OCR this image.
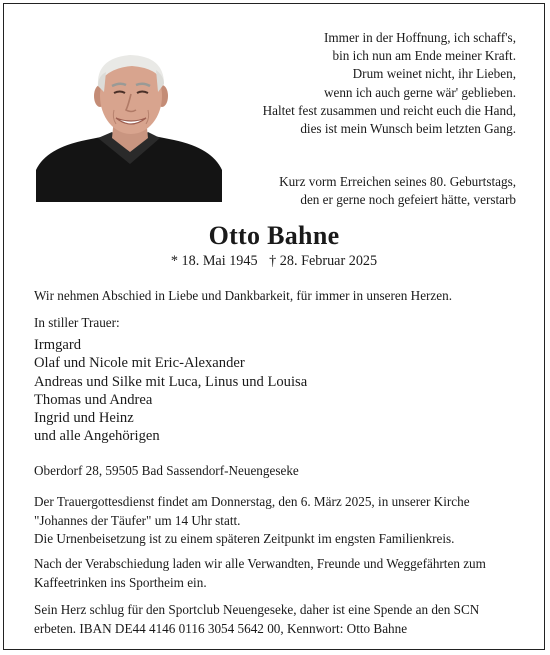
Immer in der Hoffnung, ich schaff's,
bin ich nun am Ende meiner Kraft.
Drum weinet nicht, ihr Lieben,
wenn ich auch gerne wär' geblieben.
Haltet fest zusammen und reicht euch die Hand,
dies ist mein Wunsch beim letzten Gang.
Kurz vorm Erreichen seines 80. Geburtstags,
den er gerne noch gefeiert hätte, verstarb
Otto Bahne
* 18. Mai 1945 † 28. Februar 2025
Wir nehmen Abschied in Liebe und Dankbarkeit, für immer in unseren Herzen.
In stiller Trauer:
Irmgard
Olaf und Nicole mit Eric-Alexander
Andreas und Silke mit Luca, Linus und Louisa
Thomas und Andrea
Ingrid und Heinz
und alle Angehörigen
Oberdorf 28, 59505 Bad Sassendorf-Neuengeseke
Der Trauergottesdienst findet am Donnerstag, den 6. März 2025, in unserer Kirche
"Johannes der Täufer" um 14 Uhr statt.
Die Urnenbeisetzung ist zu einem späteren Zeitpunkt im engsten Familienkreis.
Nach der Verabschiedung laden wir alle Verwandten, Freunde und Weggefährten zum
Kaffeetrinken ins Sportheim ein.
Sein Herz schlug für den Sportclub Neuengeseke, daher ist eine Spende an den SCN
erbeten. IBAN DE44 4146 0116 3054 5642 00, Kennwort: Otto Bahne
